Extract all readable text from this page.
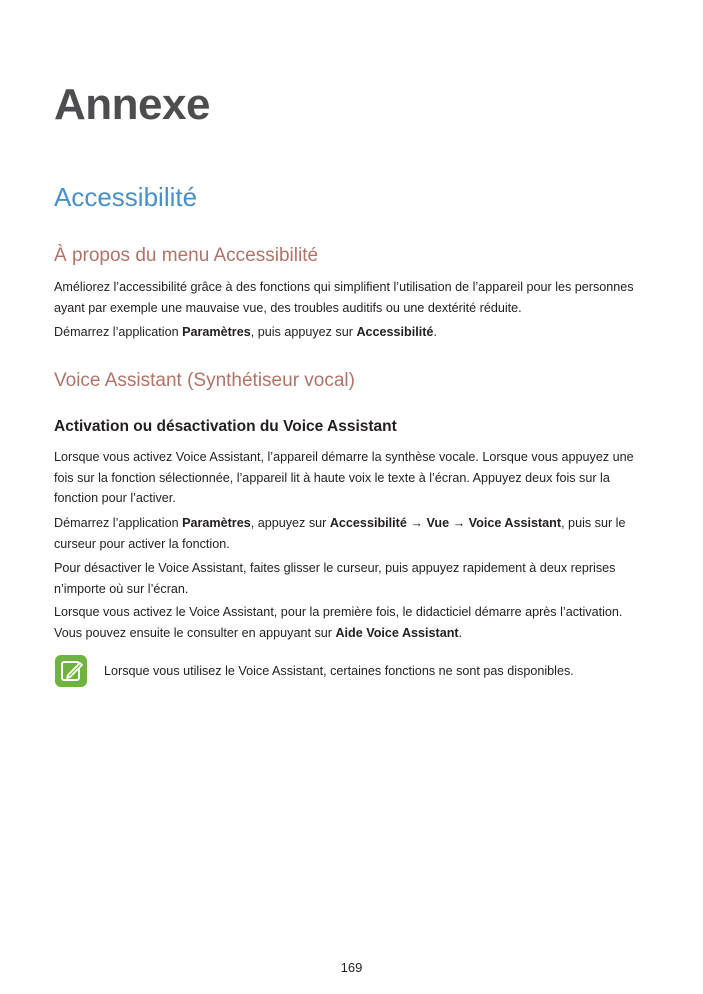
Annexe
Accessibilité
À propos du menu Accessibilité

Améliorez l’accessibilité grâce à des fonctions qui simplifient l’utilisation de l’appareil pour les personnes ayant par exemple une mauvaise vue, des troubles auditifs ou une dextérité réduite.

Démarrez l’application Paramètres, puis appuyez sur Accessibilité.

Voice Assistant (Synthétiseur vocal)
Activation ou désactivation du Voice Assistant

Lorsque vous activez Voice Assistant, l’appareil démarre la synthèse vocale. Lorsque vous appuyez une fois sur la fonction sélectionnée, l’appareil lit à haute voix le texte à l’écran. Appuyez deux fois sur la fonction pour l’activer.

Démarrez l’application Paramètres, appuyez sur Accessibilité → Vue → Voice Assistant, puis sur le curseur pour activer la fonction.

Pour désactiver le Voice Assistant, faites glisser le curseur, puis appuyez rapidement à deux reprises n’importe où sur l’écran.

Lorsque vous activez le Voice Assistant, pour la première fois, le didacticiel démarre après l’activation. Vous pouvez ensuite le consulter en appuyant sur Aide Voice Assistant.

Lorsque vous utilisez le Voice Assistant, certaines fonctions ne sont pas disponibles.
169
